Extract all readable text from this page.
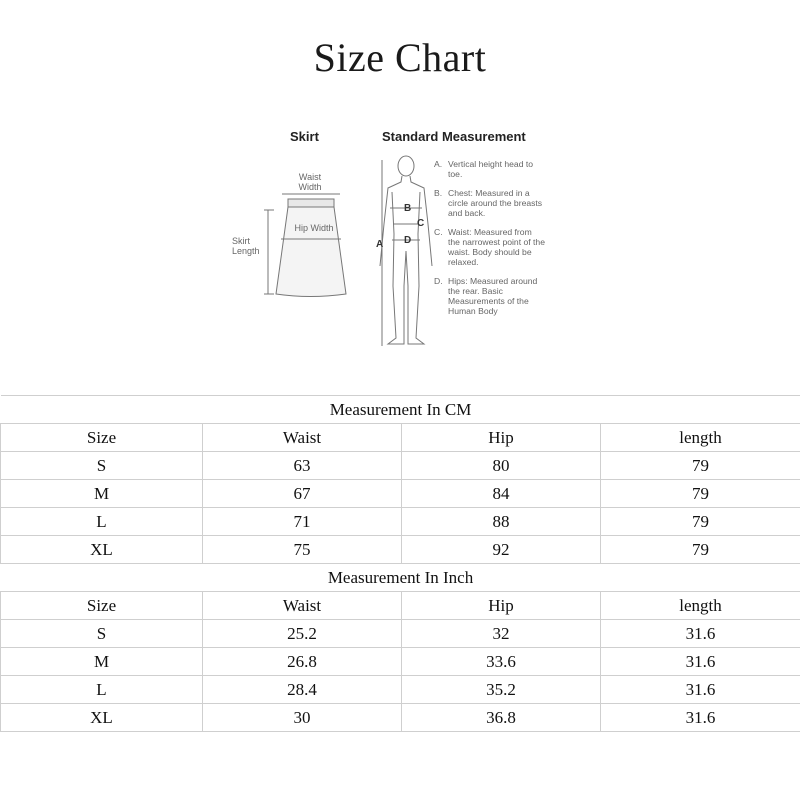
Size Chart
Skirt	Standard Measurement
Waist Width
Hip Width
Skirt Length
A
B
C
D
A. Vertical height head to toe.
B. Chest: Measured in a circle around the breasts and back.
C. Waist: Measured from the narrowest point of the waist. Body should be relaxed.
D. Hips: Measured around the rear. Basic Measurements of the Human Body
Measurement In CM			
Size	Waist	Hip	length
S	63	80	79
M	67	84	79
L	71	88	79
XL	75	92	79
Measurement In Inch			
Size	Waist	Hip	length
S	25.2	32	31.6
M	26.8	33.6	31.6
L	28.4	35.2	31.6
XL	30	36.8	31.6
